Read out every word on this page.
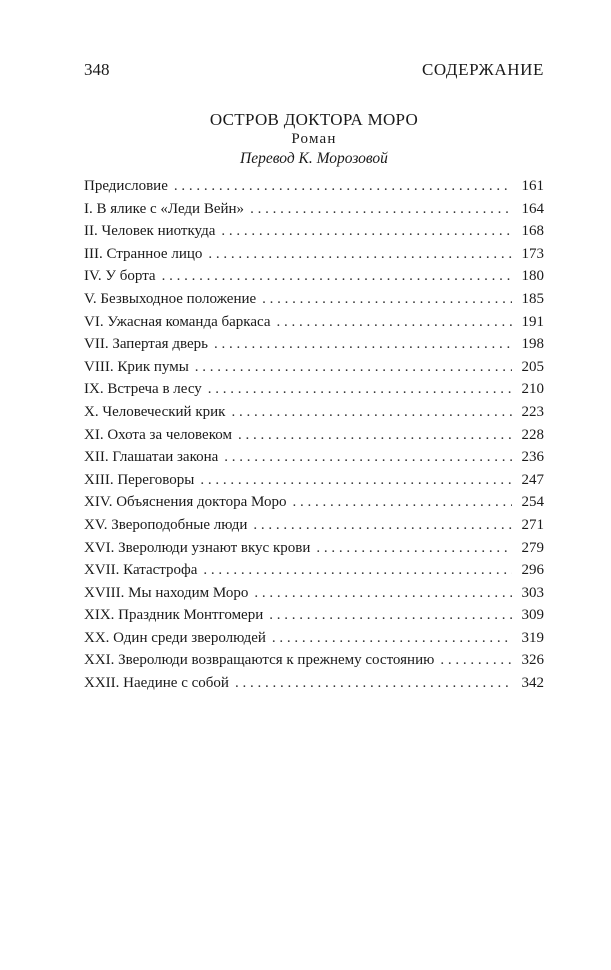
348	СОДЕРЖАНИЕ
ОСТРОВ ДОКТОРА МОРО
Роман
Перевод К. Морозовой
Предисловие . . .	161
I. В ялике с «Леди Вейн» . . .	164
II. Человек ниоткуда . . .	168
III. Странное лицо . . .	173
IV. У борта . . .	180
V. Безвыходное положение . . .	185
VI. Ужасная команда баркаса . . .	191
VII. Запертая дверь . . .	198
VIII. Крик пумы . . .	205
IX. Встреча в лесу . . .	210
X. Человеческий крик . . .	223
XI. Охота за человеком . . .	228
XII. Глашатаи закона . . .	236
XIII. Переговоры . . .	247
XIV. Объяснения доктора Моро . . .	254
XV. Звероподобные люди . . .	271
XVI. Зверолюди узнают вкус крови . . .	279
XVII. Катастрофа . . .	296
XVIII. Мы находим Моро . . .	303
XIX. Праздник Монтгомери . . .	309
XX. Один среди зверолюдей . . .	319
XXI. Зверолюди возвращаются к прежнему состоянию . . .	326
XXII. Наедине с собой . . .	342
